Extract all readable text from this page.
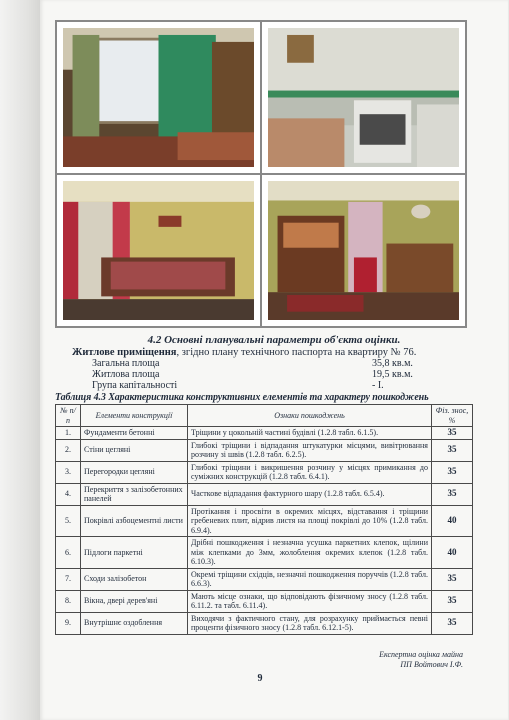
4.2 Основні планувальні параметри об'єкта оцінки.
Житлове приміщення, згідно плану технічного паспорта на квартиру № 76.
Загальна площа	35,8 кв.м.
Житлова площа	19,5 кв.м.
Група капітальності	- І.
Таблиця 4.3 Характеристика конструктивних елементів та характеру пошкоджень
№ п/п	Елементи конструкції	Ознаки пошкоджень	Фіз. знос, %
1.	Фундаменти бетонні	Тріщини у цокольній частині будівлі (1.2.8 табл. 6.1.5).	35
2.	Стіни цегляні	Глибокі тріщини і відпадання штукатурки місцями, вивітрювання розчину зі швів (1.2.8 табл. 6.2.5).	35
3.	Перегородки цегляні	Глибокі тріщини і викришення розчину у місцях примикання до суміжних конструкцій (1.2.8 табл. 6.4.1).	35
4.	Перекриття з залізобетонних панелей	Часткове відпадання фактурного шару (1.2.8 табл. 6.5.4).	35
5.	Покрівлі азбоцементні листи	Протікання і просвіти в окремих місцях, відставання і тріщини гребеневих плит, відрив листя на площі покрівлі до 10% (1.2.8 табл. 6.9.4).	40
6.	Підлоги паркетні	Дрібні пошкодження і незначна усушка паркетних клепок, щілини між клепками до 3мм, жолоблення окремих клепок (1.2.8 табл. 6.10.3).	40
7.	Сходи залізобетон	Окремі тріщини східців, незначні пошкодження поруччів (1.2.8 табл. 6.6.3).	35
8.	Вікна, двері дерев'яні	Мають місце ознаки, що відповідають фізичному зносу (1.2.8 табл. 6.11.2. та табл. 6.11.4).	35
9.	Внутрішнє оздоблення	Виходячи з фактичного стану, для розрахунку приймається певні проценти фізичного зносу (1.2.8 табл. 6.12.1-5).	35
Експертна оцінка майна
ПП Войтович І.Ф.
9
